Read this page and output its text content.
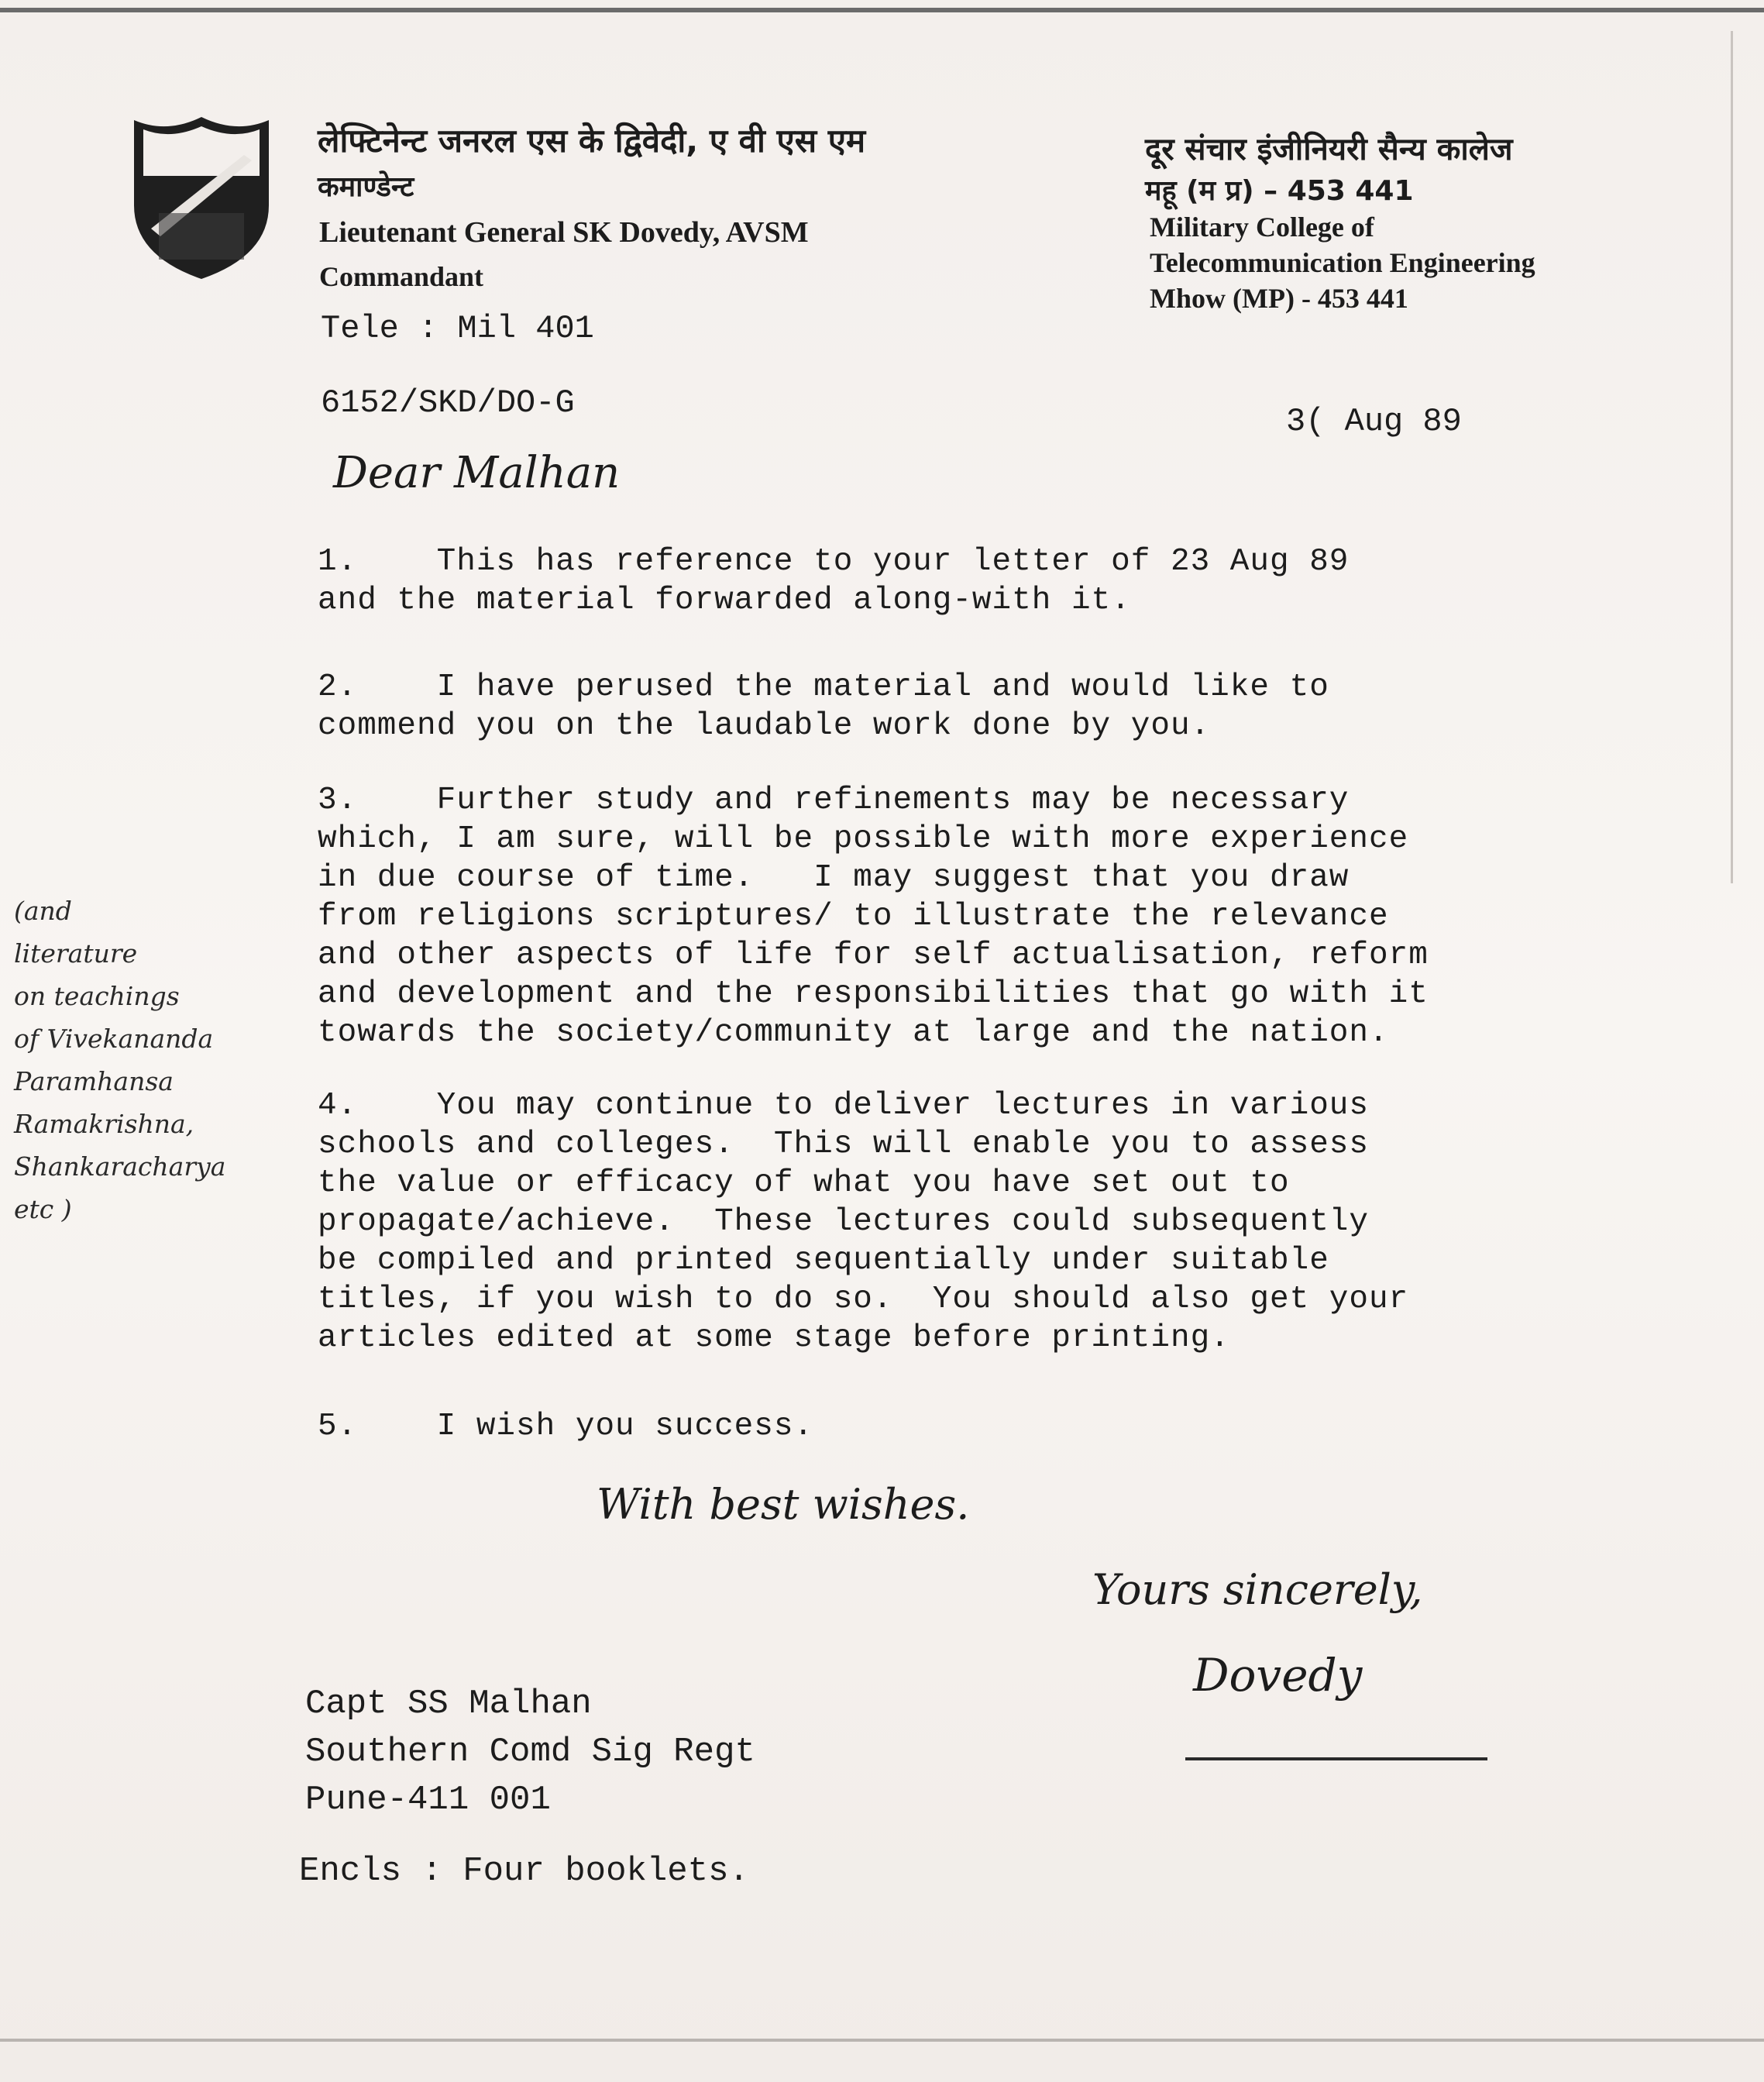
लेफ्टिनेन्ट जनरल एस के द्विवेदी, ए वी एस एम
कमाण्डेन्ट
Lieutenant General SK Dovedy, AVSM
Commandant
Tele : Mil 401
दूर संचार इंजीनियरी सैन्य कालेज
महू (म प्र) – 453 441
Military College of
Telecommunication Engineering
Mhow (MP) - 453 441
6152/SKD/DO-G	3( Aug 89
Dear Malhan
1.    This has reference to your letter of 23 Aug 89
and the material forwarded along-with it.
2.    I have perused the material and would like to
commend you on the laudable work done by you.
3.    Further study and refinements may be necessary
which, I am sure, will be possible with more experience
in due course of time.   I may suggest that you draw
from religions scriptures/ to illustrate the relevance
and other aspects of life for self actualisation, reform
and development and the responsibilities that go with it
towards the society/community at large and the nation.
4.    You may continue to deliver lectures in various
schools and colleges.  This will enable you to assess
the value or efficacy of what you have set out to
propagate/achieve.  These lectures could subsequently
be compiled and printed sequentially under suitable
titles, if you wish to do so.  You should also get your
articles edited at some stage before printing.
5.    I wish you success.
(and
literature
on teachings
of Vivekananda
Paramhansa
Ramakrishna,
Shankaracharya
etc )
With best wishes.
Yours sincerely,
Dovedy
Capt SS Malhan
Southern Comd Sig Regt
Pune-411 001
Encls : Four booklets.
